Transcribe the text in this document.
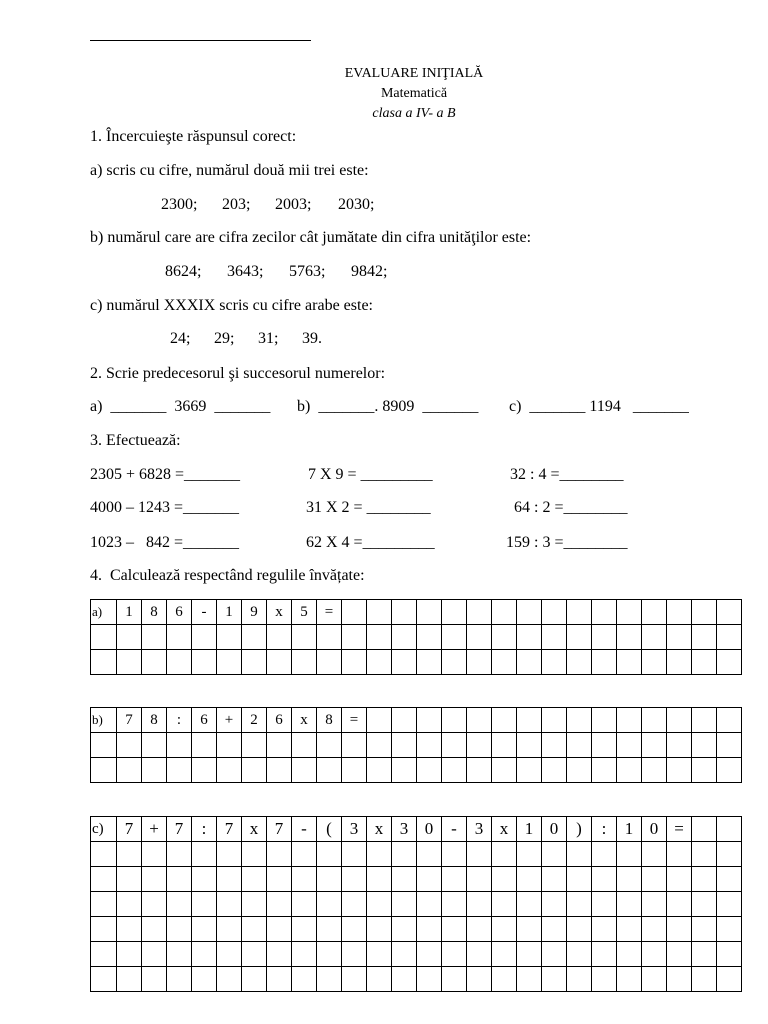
EVALUARE INIŢIALĂ
Matematică
clasa a IV- a B
1. Încercuieşte răspunsul corect:
a) scris cu cifre, numărul două mii trei este:
2300; 203; 2003; 2030;
b) numărul care are cifra zecilor cât jumătate din cifra unităţilor este:
8624; 3643; 5763; 9842;
c) numărul XXXIX scris cu cifre arabe este:
24; 29; 31; 39.
2. Scrie predecesorul şi succesorul numerelor:
a)  _______  3669  _______ b)  _______. 8909  _______ c)  _______ 1194   _______
3. Efectuează:
2305 + 6828 =_______	7 X 9 = _________	32 : 4 =________
4000 – 1243 =_______	31 X 2 = ________	64 : 2 =________
1023 –   842 =_______	62 X 4 =_________	159 : 3 =________
4.  Calculează respectând regulile învățate:
a)	1	8	6	-	1	9	x	5	=																

b)	7	8	:	6	+	2	6	x	8	=															

c)	7	+	7	:	7	x	7	-	(	3	x	3	0	-	3	x	1	0	)	:	1	0	=		
